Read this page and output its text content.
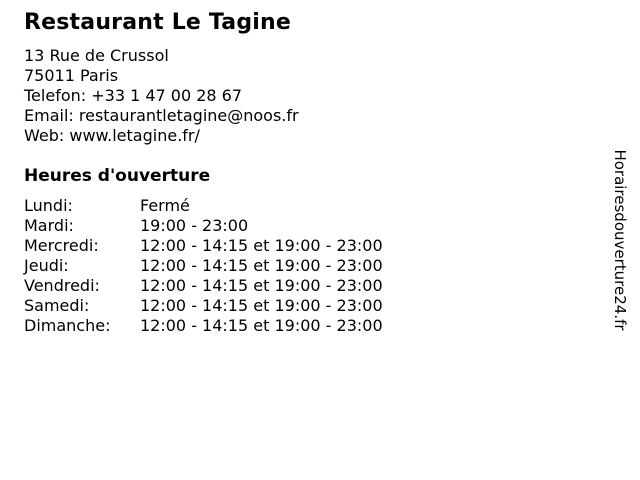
Restaurant Le Tagine
13 Rue de Crussol
75011 Paris
Telefon: +33 1 47 00 28 67
Email: restaurantletagine@noos.fr
Web: www.letagine.fr/
Heures d'ouverture
Lundi:	Fermé
Mardi:	19:00 - 23:00
Mercredi:	12:00 - 14:15 et 19:00 - 23:00
Jeudi:	12:00 - 14:15 et 19:00 - 23:00
Vendredi:	12:00 - 14:15 et 19:00 - 23:00
Samedi:	12:00 - 14:15 et 19:00 - 23:00
Dimanche:	12:00 - 14:15 et 19:00 - 23:00	Horairesdouverture24.fr
